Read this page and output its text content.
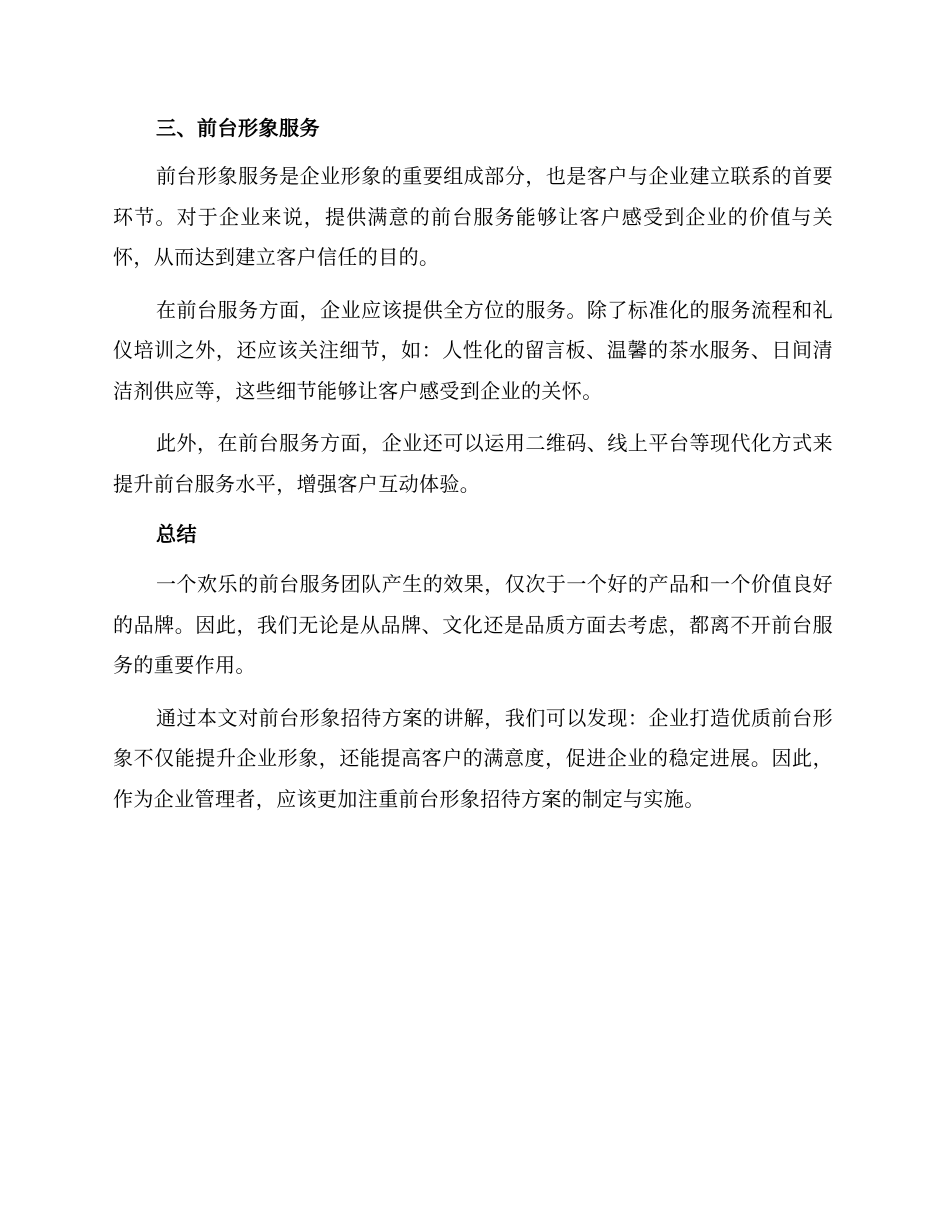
三、前台形象服务

前台形象服务是企业形象的重要组成部分，也是客户与企业建立联系的首要环节。对于企业来说，提供满意的前台服务能够让客户感受到企业的价值与关怀，从而达到建立客户信任的目的。

在前台服务方面，企业应该提供全方位的服务。除了标准化的服务流程和礼仪培训之外，还应该关注细节，如：人性化的留言板、温馨的茶水服务、日间清洁剂供应等，这些细节能够让客户感受到企业的关怀。

此外，在前台服务方面，企业还可以运用二维码、线上平台等现代化方式来提升前台服务水平，增强客户互动体验。

总结

一个欢乐的前台服务团队产生的效果，仅次于一个好的产品和一个价值良好的品牌。因此，我们无论是从品牌、文化还是品质方面去考虑，都离不开前台服务的重要作用。

通过本文对前台形象招待方案的讲解，我们可以发现：企业打造优质前台形象不仅能提升企业形象，还能提高客户的满意度，促进企业的稳定进展。因此，作为企业管理者，应该更加注重前台形象招待方案的制定与实施。
